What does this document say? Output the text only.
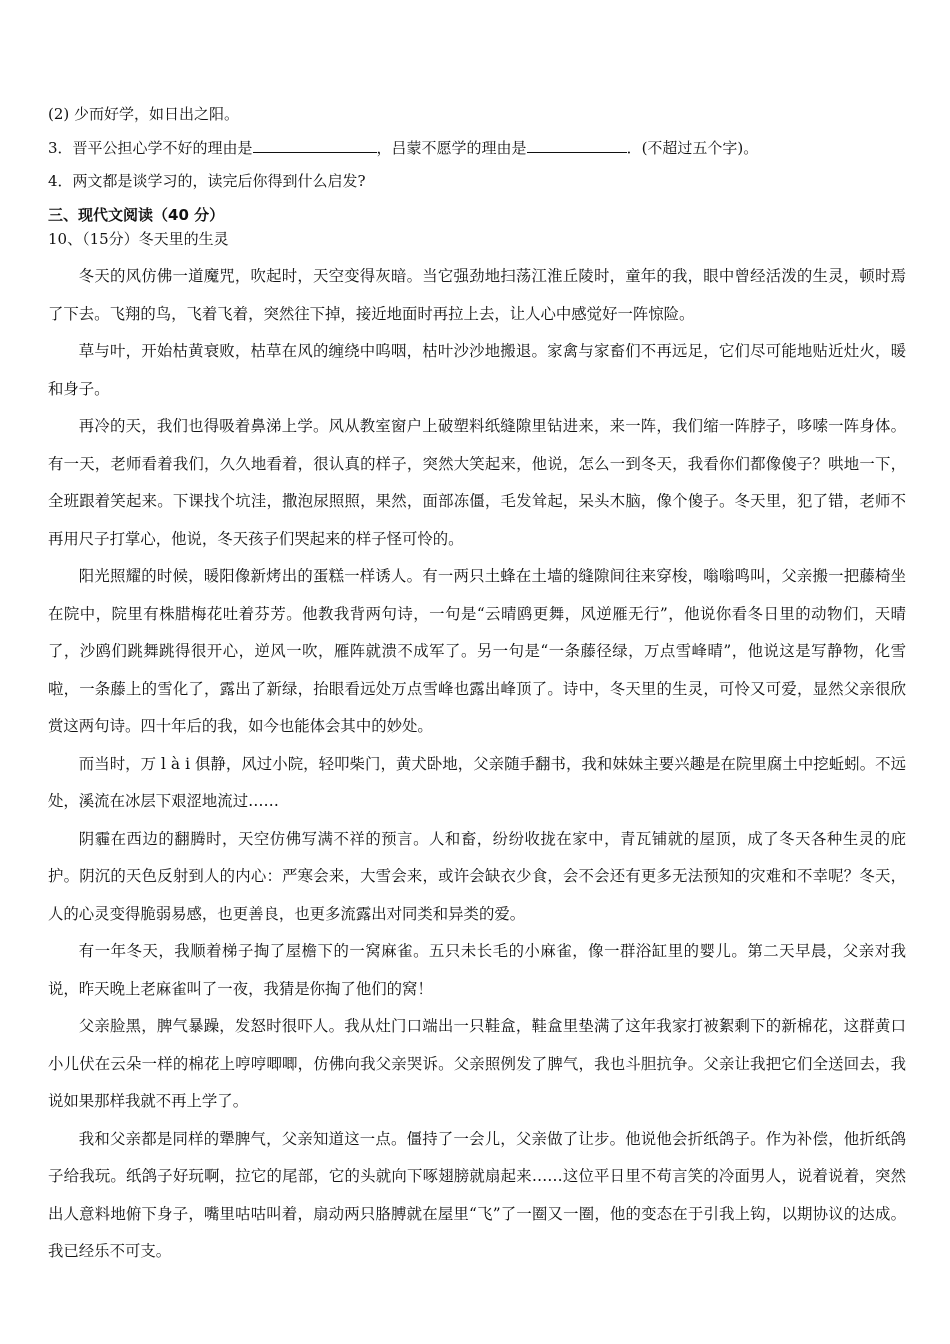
(2) 少而好学，如日出之阳。
3．晋平公担心学不好的理由是	，吕蒙不愿学的理由是	．(不超过五个字)。
4．两文都是谈学习的，读完后你得到什么启发?
三、现代文阅读（40 分）
10、（15分）冬天里的生灵

冬天的风仿佛一道魔咒，吹起时，天空变得灰暗。当它强劲地扫荡江淮丘陵时，童年的我，眼中曾经活泼的生灵，顿时焉了下去。飞翔的鸟，飞着飞着，突然往下掉，接近地面时再拉上去，让人心中感觉好一阵惊险。

草与叶，开始枯黄衰败，枯草在风的缠绕中呜咽，枯叶沙沙地搬退。家禽与家畜们不再远足，它们尽可能地贴近灶火，暖和身子。

再冷的天，我们也得吸着鼻涕上学。风从教室窗户上破塑料纸缝隙里钻进来，来一阵，我们缩一阵脖子，哆嗦一阵身体。有一天，老师看着我们，久久地看着，很认真的样子，突然大笑起来，他说，怎么一到冬天，我看你们都像傻子？哄地一下，全班跟着笑起来。下课找个坑洼，撒泡尿照照，果然，面部冻僵，毛发耸起，呆头木脑，像个傻子。冬天里，犯了错，老师不再用尺子打掌心，他说，冬天孩子们哭起来的样子怪可怜的。

阳光照耀的时候，暖阳像新烤出的蛋糕一样诱人。有一两只土蜂在土墙的缝隙间往来穿梭，嗡嗡鸣叫，父亲搬一把藤椅坐在院中，院里有株腊梅花吐着芬芳。他教我背两句诗，一句是“云晴鸥更舞，风逆雁无行”，他说你看冬日里的动物们，天晴了，沙鸥们跳舞跳得很开心，逆风一吹，雁阵就溃不成军了。另一句是“一条藤径绿，万点雪峰晴”，他说这是写静物，化雪啦，一条藤上的雪化了，露出了新绿，抬眼看远处万点雪峰也露出峰顶了。诗中，冬天里的生灵，可怜又可爱，显然父亲很欣赏这两句诗。四十年后的我，如今也能体会其中的妙处。

而当时，万 l à i 俱静，风过小院，轻叩柴门，黄犬卧地，父亲随手翻书，我和妹妹主要兴趣是在院里腐土中挖蚯蚓。不远处，溪流在冰层下艰涩地流过……

阴霾在西边的翻腾时，天空仿佛写满不祥的预言。人和畜，纷纷收拢在家中，青瓦铺就的屋顶，成了冬天各种生灵的庇护。阴沉的天色反射到人的内心：严寒会来，大雪会来，或许会缺衣少食，会不会还有更多无法预知的灾难和不幸呢？冬天，人的心灵变得脆弱易感，也更善良，也更多流露出对同类和异类的爱。

有一年冬天，我顺着梯子掏了屋檐下的一窝麻雀。五只未长毛的小麻雀，像一群浴缸里的婴儿。第二天早晨，父亲对我说，昨天晚上老麻雀叫了一夜，我猜是你掏了他们的窝！

父亲脸黑，脾气暴躁，发怒时很吓人。我从灶门口端出一只鞋盒，鞋盒里垫满了这年我家打被絮剩下的新棉花，这群黄口小儿伏在云朵一样的棉花上哼哼唧唧，仿佛向我父亲哭诉。父亲照例发了脾气，我也斗胆抗争。父亲让我把它们全送回去，我说如果那样我就不再上学了。

我和父亲都是同样的犟脾气，父亲知道这一点。僵持了一会儿，父亲做了让步。他说他会折纸鸽子。作为补偿，他折纸鸽子给我玩。纸鸽子好玩啊，拉它的尾部，它的头就向下啄翅膀就扇起来……这位平日里不苟言笑的冷面男人，说着说着，突然出人意料地俯下身子，嘴里咕咕叫着，扇动两只胳膊就在屋里“飞”了一圈又一圈，他的变态在于引我上钩，以期协议的达成。我已经乐不可支。
